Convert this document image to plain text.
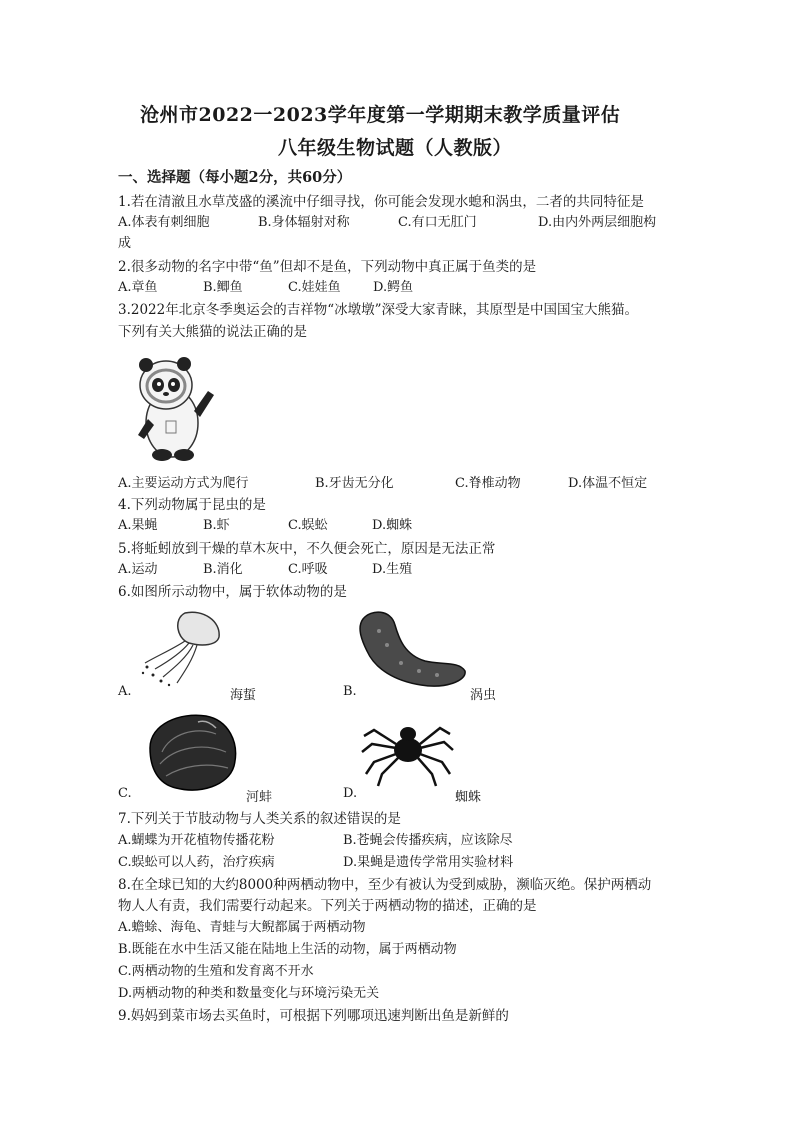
沧州市2022一2023学年度第一学期期末教学质量评估
八年级生物试题（人教版）
一、选择题（每小题2分，共60分）
1.若在清澈且水草茂盛的溪流中仔细寻找，你可能会发现水螅和涡虫，二者的共同特征是
A.体表有刺细胞	B.身体辐射对称	C.有口无肛门	D.由内外两层细胞构
成
2.很多动物的名字中带“鱼”但却不是鱼，下列动物中真正属于鱼类的是
A.章鱼	B.鲫鱼	C.娃娃鱼 D.鳄鱼
3.2022年北京冬季奥运会的吉祥物“冰墩墩”深受大家青睐，其原型是中国国宝大熊猫。
下列有关大熊猫的说法正确的是
A.主要运动方式为爬行	B.牙齿无分化	C.脊椎动物	D.体温不恒定
4.下列动物属于昆虫的是
A.果蝇	B.虾	C.蜈蚣	D.蜘蛛
5.将蚯蚓放到干燥的草木灰中，不久便会死亡，原因是无法正常
A.运动	B.消化	C.呼吸	D.生殖
6.如图所示动物中，属于软体动物的是
A.	海蜇	B.	涡虫
C.	河蚌	D.	蜘蛛
7.下列关于节肢动物与人类关系的叙述错误的是
A.蝴蝶为开花植物传播花粉	B.苍蝇会传播疾病，应该除尽
C.蜈蚣可以人药，治疗疾病	D.果蝇是遗传学常用实验材料
8.在全球已知的大约8000种两栖动物中，至少有被认为受到威胁，濒临灭绝。保护两栖动
物人人有责，我们需要行动起来。下列关于两栖动物的描述，正确的是
A.蟾蜍、海龟、青蛙与大鲵都属于两栖动物
B.既能在水中生活又能在陆地上生活的动物，属于两栖动物
C.两栖动物的生殖和发育离不开水
D.两栖动物的种类和数量变化与环境污染无关
9.妈妈到菜市场去买鱼时，可根据下列哪项迅速判断出鱼是新鲜的
